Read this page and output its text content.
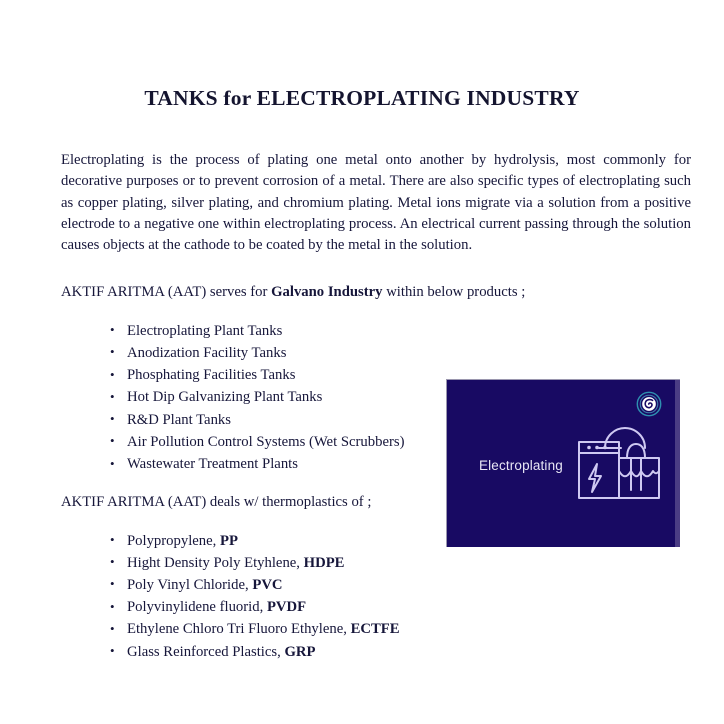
TANKS for ELECTROPLATING INDUSTRY

Electroplating is the process of plating one metal onto another by hydrolysis, most commonly for decorative purposes or to prevent corrosion of a metal. There are also specific types of electroplating such as copper plating, silver plating, and chromium plating. Metal ions migrate via a solution from a positive electrode to a negative one within electroplating process. An electrical current passing through the solution causes objects at the cathode to be coated by the metal in the solution.

AKTIF ARITMA (AAT) serves for Galvano Industry within below products ;

• Electroplating Plant Tanks
• Anodization Facility Tanks
• Phosphating Facilities Tanks
• Hot Dip Galvanizing Plant Tanks
• R&D Plant Tanks
• Air Pollution Control Systems (Wet Scrubbers)
• Wastewater Treatment Plants

AKTIF ARITMA (AAT) deals w/ thermoplastics of ;

• Polypropylene, PP
• Hight Density Poly Etyhlene, HDPE
• Poly Vinyl Chloride, PVC
• Polyvinylidene fluorid, PVDF
• Ethylene Chloro Tri Fluoro Ethylene, ECTFE
• Glass Reinforced Plastics, GRP
Electroplating
